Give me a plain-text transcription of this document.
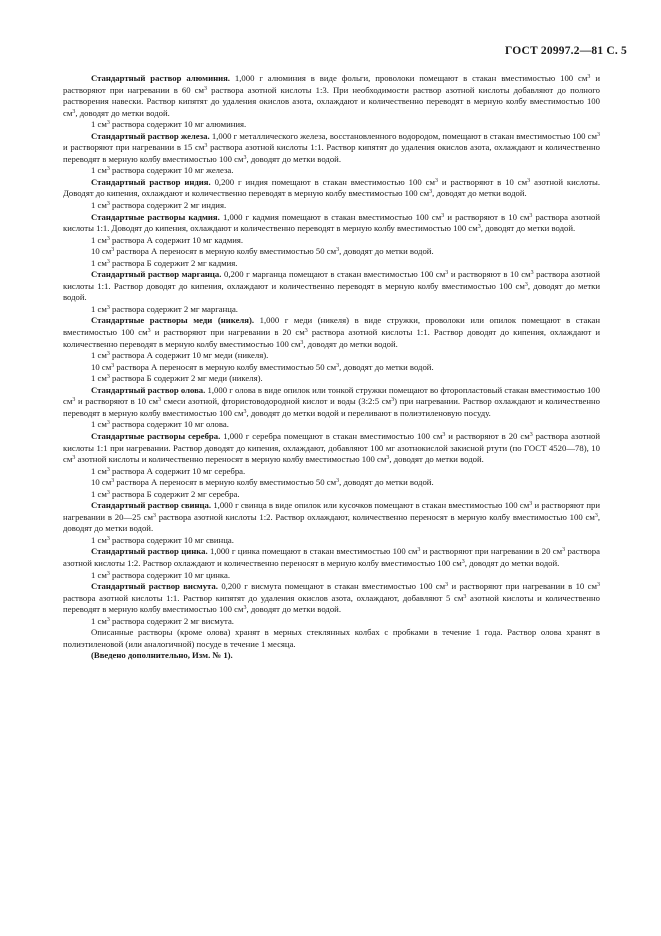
ГОСТ 20997.2—81 С. 5

Стандартный раствор алюминия. 1,000 г алюминия в виде фольги, проволоки помещают в стакан вместимостью 100 $см^3$ и растворяют при нагревании в 60 $см^3$ раствора азотной кислоты 1:3. При необходимости раствор азотной кислоты добавляют до полного растворения навески. Раствор кипятят до удаления окислов азота, охлаждают и количественно переводят в мерную колбу вместимостью 100 $см^3$, доводят до метки водой.

1 $см^3$ раствора содержит 10 мг алюминия.

Стандартный раствор железа. 1,000 г металлического железа, восстановленного водородом, помещают в стакан вместимостью 100 $см^3$ и растворяют при нагревании в 15 $см^3$ раствора азотной кислоты 1:1. Раствор кипятят до удаления окислов азота, охлаждают и количественно переводят в мерную колбу вместимостью 100 $см^3$, доводят до метки водой.

1 $см^3$ раствора содержит 10 мг железа.

Стандартный раствор индия. 0,200 г индия помещают в стакан вместимостью 100 $см^3$ и растворяют в 10 $см^3$ азотной кислоты. Доводят до кипения, охлаждают и количественно переводят в мерную колбу вместимостью 100 $см^3$, доводят до метки водой.

1 $см^3$ раствора содержит 2 мг индия.

Стандартные растворы кадмия. 1,000 г кадмия помещают в стакан вместимостью 100 $см^3$ и растворяют в 10 $см^3$ раствора азотной кислоты 1:1. Доводят до кипения, охлаждают и количественно переводят в мерную колбу вместимостью 100 $см^3$, доводят до метки водой.

1 $см^3$ раствора А содержит 10 мг кадмия.

10 $см^3$ раствора А переносят в мерную колбу вместимостью 50 $см^3$, доводят до метки водой.

1 $см^3$ раствора Б содержит 2 мг кадмия.

Стандартный раствор марганца. 0,200 г марганца помещают в стакан вместимостью 100 $см^3$ и растворяют в 10 $см^3$ раствора азотной кислоты 1:1. Раствор доводят до кипения, охлаждают и количественно переводят в мерную колбу вместимостью 100 $см^3$, доводят до метки водой.

1 $см^3$ раствора содержит 2 мг марганца.

Стандартные растворы меди (никеля). 1,000 г меди (никеля) в виде стружки, проволоки или опилок помещают в стакан вместимостью 100 $см^3$ и растворяют при нагревании в 20 $см^3$ раствора азотной кислоты 1:1. Раствор доводят до кипения, охлаждают и количественно переводят в мерную колбу вместимостью 100 $см^3$, доводят до метки водой.

1 $см^3$ раствора А содержит 10 мг меди (никеля).

10 $см^3$ раствора А переносят в мерную колбу вместимостью 50 $см^3$, доводят до метки водой.

1 $см^3$ раствора Б содержит 2 мг меди (никеля).

Стандартный раствор олова. 1,000 г олова в виде опилок или тонкой стружки помещают во фторопластовый стакан вместимостью 100 $см^3$ и растворяют в 10 $см^3$ смеси азотной, фтористоводородной кислот и воды (3:2:5 $см^3$) при нагревании. Раствор охлаждают и количественно переводят в мерную колбу вместимостью 100 $см^3$, доводят до метки водой и переливают в полиэтиленовую посуду.

1 $см^3$ раствора содержит 10 мг олова.

Стандартные растворы серебра. 1,000 г серебра помещают в стакан вместимостью 100 $см^3$ и растворяют в 20 $см^3$ раствора азотной кислоты 1:1 при нагревании. Раствор доводят до кипения, охлаждают, добавляют 100 мг азотнокислой закисной ртути (по ГОСТ 4520—78), 10 $см^3$ азотной кислоты и количественно переносят в мерную колбу вместимостью 100 $см^3$, доводят до метки водой.

1 $см^3$ раствора А содержит 10 мг серебра.

10 $см^3$ раствора А переносят в мерную колбу вместимостью 50 $см^3$, доводят до метки водой.

1 $см^3$ раствора Б содержит 2 мг серебра.

Стандартный раствор свинца. 1,000 г свинца в виде опилок или кусочков помещают в стакан вместимостью 100 $см^3$ и растворяют при нагревании в 20—25 $см^3$ раствора азотной кислоты 1:2. Раствор охлаждают, количественно переносят в мерную колбу вместимостью 100 $см^3$, доводят до метки водой.

1 $см^3$ раствора содержит 10 мг свинца.

Стандартный раствор цинка. 1,000 г цинка помещают в стакан вместимостью 100 $см^3$ и растворяют при нагревании в 20 $см^3$ раствора азотной кислоты 1:2. Раствор охлаждают и количественно переносят в мерную колбу вместимостью 100 $см^3$, доводят до метки водой.

1 $см^3$ раствора содержит 10 мг цинка.

Стандартный раствор висмута. 0,200 г висмута помещают в стакан вместимостью 100 $см^3$ и растворяют при нагревании в 10 $см^3$ раствора азотной кислоты 1:1. Раствор кипятят до удаления окислов азота, охлаждают, добавляют 5 $см^3$ азотной кислоты и количественно переводят в мерную колбу вместимостью 100 $см^3$, доводят до метки водой.

1 $см^3$ раствора содержит 2 мг висмута.

Описанные растворы (кроме олова) хранят в мерных стеклянных колбах с пробками в течение 1 года. Раствор олова хранят в полиэтиленовой (или аналогичной) посуде в течение 1 месяца.

(Введено дополнительно, Изм. № 1).
